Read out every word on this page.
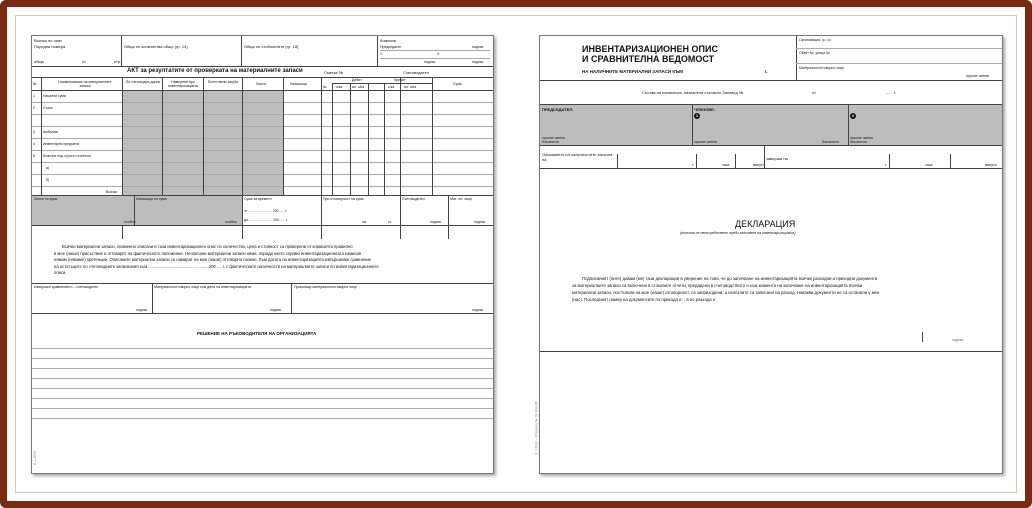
Всичко по опис
Поредни номера
общо	от	стр.
Общо по количества общо (гр. 14)	Общо по стойностите (гр. 18)
Комисия
Председател	подпис
1.	2.
подпис	подпис
АКТ за резултатите от проверката на материалните запаси	Сметка №	Счетоводител
№	Наименование на материалните запаси
По счетоводни данни	Намерени при инвентаризацията
Естествени загуби	Липси	Излишъци
Дебит	Кредит
Сума
№	с/ка	ан. с/ка	с/ка	ан. с/ка
1 Начални суми
2 Стоки
3 Амбалаж
4 Инвентарни предмети
5 Благини под строга отчетност
а)
б)
Всичко
Липси по сума	Излишъци по сума	Сума за времето	При отговорност на сума	Счетоводител	Мат. отг. лице
от ........................ 200 ..... г.
до ........................ 200 ..... г.
особно	особно	лв.	ст.	подпис	подпис
Всички материални запаси, поименно описани в тази инвентаризационен опис по количество, цена и стойност са проверени от комисията правилно
в мое (наше) присъствие и отговарят на фактическото положение. Неописани материални запаси няма, поради което спрямо инвентаризационната комисия
нямам (нямаме) претенции. Описаните материални запаси се намират на мое (наше) отговорно пазене. Към датата на инвентаризацията извършихме сравнение
на остатъците по счетоводните записвания към ....................................................200 .... г. с фактическите наличности на материалните запаси по инвентаризационните
описи.
Извършил сравнението – счетоводител	Материалноотговорно лице към деня на инвентаризацията	Приемащо материалноотговорно лице
подпис	подпис	подпис
РЕШЕНИЕ НА РЪКОВОДИТЕЛЯ НА ОРГАНИЗАЦИЯТА
8.1.2003
ИНВЕНТАРИЗАЦИОНЕН ОПИС
И СРАВНИТЕЛНА ВЕДОМОСТ
НА НАЛИЧНИТЕ МАТЕРИАЛНИ ЗАПАСИ КЪМ	г.
Организация, гр. /с/
Обект №, улица №
Материалноотговорно лице
трите имена
Състав на комисията, назначена съгласно Заповед №	от	...... г.
ПРЕДСЕДАТЕЛ:	ЧЛЕНОВЕ:
1	2
трите имена
длъжност	трите имена	длъжност
трите имена
длъжност
Описването на наличностите започна на
г.	часа	минути
завърши на
г.	часа	минути
ДЕКЛАРАЦИЯ
(попълва се непосредствено преди започване на инвентаризацията)
Подписаният (ните) давам (ме) тази декларация в уверение на това, че до започване на инвентаризацията всички разходни и приходни документи
за материалните запаси са включени в стоковите отчети, предадени в счетоводството и към момента на започване на инвентаризацията всички
материални запаси, постъпили на мое (наше) отговорност, са заприходени, а излезлите са записани на разход. Никакви документи не са останали у мен
(нас). Последният номер на документите по прихода е: , а по разхода е:
подпис
8.1.2003 – Образец № 32-000-35
